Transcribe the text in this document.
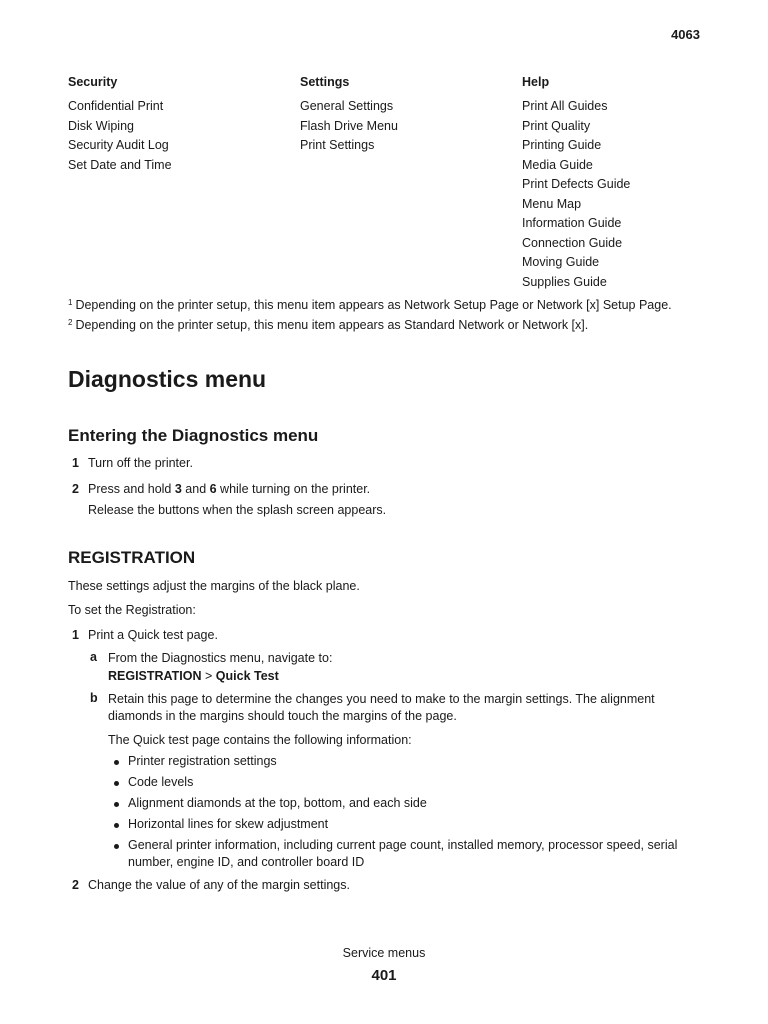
4063
Security
Confidential Print
Disk Wiping
Security Audit Log
Set Date and Time
Settings
General Settings
Flash Drive Menu
Print Settings
Help
Print All Guides
Print Quality
Printing Guide
Media Guide
Print Defects Guide
Menu Map
Information Guide
Connection Guide
Moving Guide
Supplies Guide
$^1$ Depending on the printer setup, this menu item appears as Network Setup Page or Network [x] Setup Page.
$^2$ Depending on the printer setup, this menu item appears as Standard Network or Network [x].
Diagnostics menu
Entering the Diagnostics menu
1 Turn off the printer.
2 Press and hold 3 and 6 while turning on the printer.
Release the buttons when the splash screen appears.
REGISTRATION
These settings adjust the margins of the black plane.
To set the Registration:
1 Print a Quick test page.
a From the Diagnostics menu, navigate to:
REGISTRATION > Quick Test
b Retain this page to determine the changes you need to make to the margin settings. The alignment diamonds in the margins should touch the margins of the page.
The Quick test page contains the following information:
Printer registration settings
Code levels
Alignment diamonds at the top, bottom, and each side
Horizontal lines for skew adjustment
General printer information, including current page count, installed memory, processor speed, serial number, engine ID, and controller board ID
2 Change the value of any of the margin settings.
Service menus
401
